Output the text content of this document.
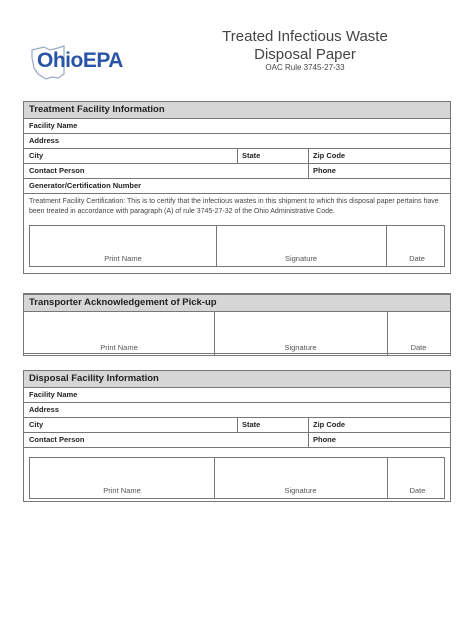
OhioEPA
Treated Infectious Waste
Disposal Paper
OAC Rule 3745-27-33
Treatment Facility Information
Facility Name
Address
City	State	Zip Code
Contact Person	Phone
Generator/Certification Number
Treatment Facility Certification: This is to certify that the infectious wastes in this shipment to which this disposal paper pertains have been treated in accordance with paragraph (A) of rule 3745-27-32 of the Ohio Administrative Code.
Print Name	Signature	Date
Transporter Acknowledgement of Pick-up
Print Name	Signature	Date
Disposal Facility Information
Facility Name
Address
City	State	Zip Code
Contact Person	Phone
Print Name	Signature	Date
